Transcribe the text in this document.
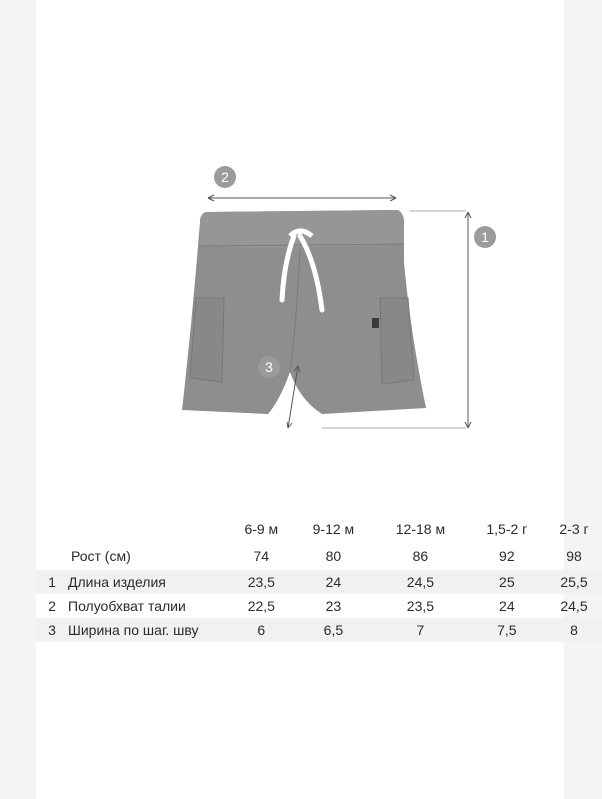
1
2
3
		6-9 м	9-12 м	12-18 м	1,5-2 г	2-3 г
	Рост (см)	74	80	86	92	98
1	Длина изделия	23,5	24	24,5	25	25,5
2	Полуобхват талии	22,5	23	23,5	24	24,5
3	Ширина по шаг. шву	6	6,5	7	7,5	8
